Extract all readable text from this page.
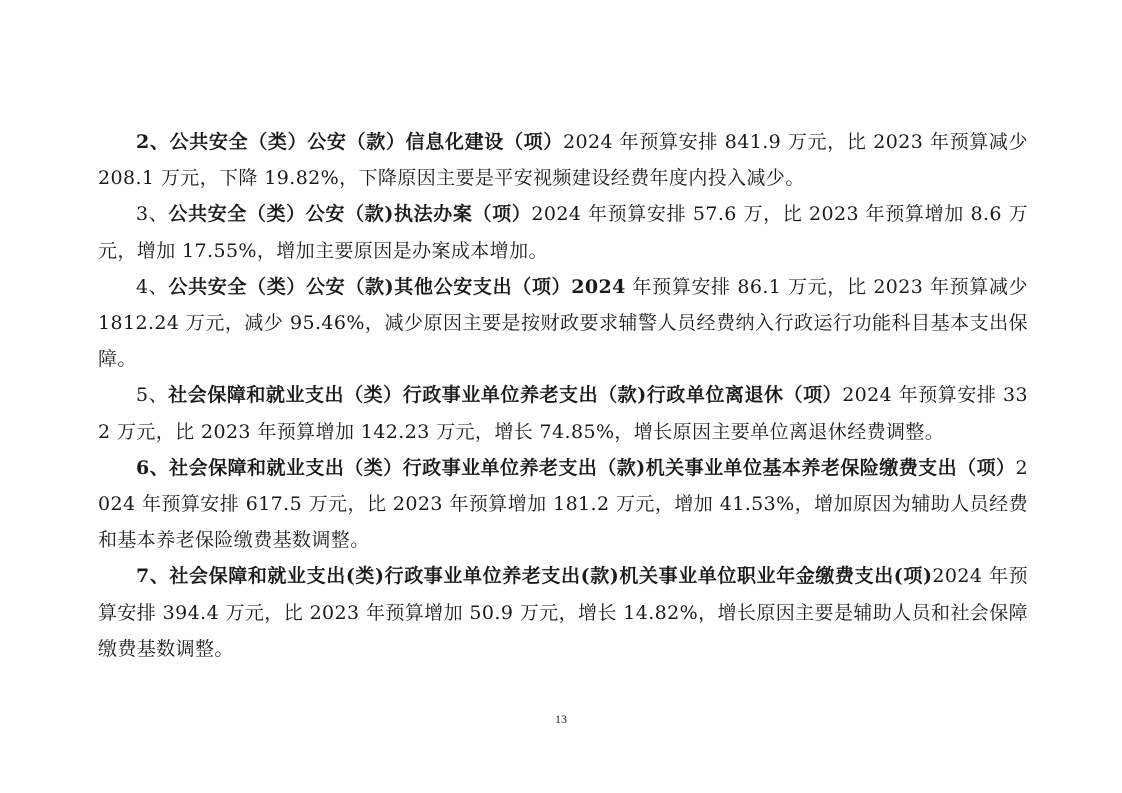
2、公共安全（类）公安（款）信息化建设（项）2024 年预算安排 841.9 万元，比 2023 年预算减少 208.1 万元，下降 19.82%，下降原因主要是平安视频建设经费年度内投入减少。

3、公共安全（类）公安（款)执法办案（项）2024 年预算安排 57.6 万，比 2023 年预算增加 8.6 万元，增加 17.55%，增加主要原因是办案成本增加。

4、公共安全（类）公安（款)其他公安支出（项）2024 年预算安排 86.1 万元，比 2023 年预算减少 1812.24 万元，减少 95.46%，减少原因主要是按财政要求辅警人员经费纳入行政运行功能科目基本支出保障。

5、社会保障和就业支出（类）行政事业单位养老支出（款)行政单位离退休（项）2024 年预算安排 332 万元，比 2023 年预算增加 142.23 万元，增长 74.85%，增长原因主要单位离退休经费调整。

6、社会保障和就业支出（类）行政事业单位养老支出（款)机关事业单位基本养老保险缴费支出（项）2024 年预算安排 617.5 万元，比 2023 年预算增加 181.2 万元，增加 41.53%，增加原因为辅助人员经费和基本养老保险缴费基数调整。

7、社会保障和就业支出(类)行政事业单位养老支出(款)机关事业单位职业年金缴费支出(项)2024 年预算安排 394.4 万元，比 2023 年预算增加 50.9 万元，增长 14.82%，增长原因主要是辅助人员和社会保障缴费基数调整。

13
